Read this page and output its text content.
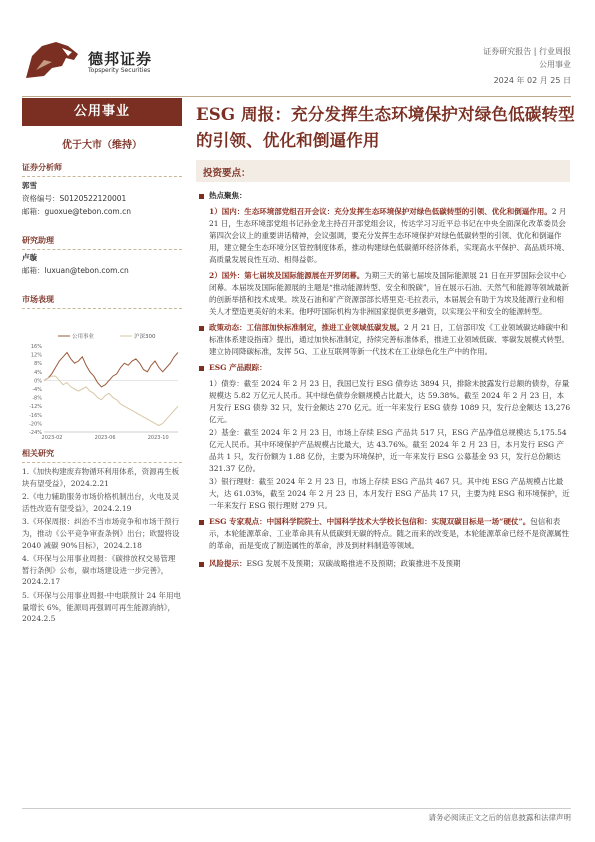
德邦证券
Topsperity Securities
证券研究报告 | 行业周报
公用事业
2024 年 02 月 25 日
公用事业
优于大市（维持）
证券分析师
郭雪
资格编号：S0120522120001
邮箱：guoxue@tebon.com.cn
研究助理
卢璇
邮箱：luxuan@tebon.com.cn
市场表现
16%
12%
8%
4%
0%
-4%
-8%
-12%
-16%
-20%
-24%
2023-02	2023-06	2023-10
公用事业	沪深300
相关研究
1.《加快构建废弃物循环利用体系，资源再生板块有望受益》，2024.2.21
2.《电力辅助服务市场价格机制出台，火电及灵活性改造有望受益》，2024.2.19
3.《环保周报：纠治不当市场竞争和市场干预行为，推动《公平竞争审查条例》出台；欧盟将设 2040 减碳 90%目标》，2024.2.18
4.《环保与公用事业周报：《碳排放权交易管理暂行条例》公布，碳市场建设进一步完善》，2024.2.17
5.《环保与公用事业周报-中电联预计 24 年用电量增长 6%，能源局再强调可再生能源消纳》，2024.2.5
ESG 周报：充分发挥生态环境保护对绿色低碳转型的引领、优化和倒逼作用
投资要点：
热点聚焦：
1）国内：生态环境部党组召开会议：充分发挥生态环境保护对绿色低碳转型的引领、优化和倒逼作用。2 月 21 日，生态环境部党组书记孙金龙主持召开部党组会议，传达学习习近平总书记在中央全面深化改革委员会第四次会议上的重要讲话精神，会议强调，要充分发挥生态环境保护对绿色低碳转型的引领、优化和倒逼作用，建立健全生态环境分区管控制度体系，推动构建绿色低碳循环经济体系，实现高水平保护、高品质环境、高质量发展良性互动、相得益彰。
2）国外：第七届埃及国际能源展在开罗闭幕。为期三天的第七届埃及国际能源展 21 日在开罗国际会议中心闭幕。本届埃及国际能源展的主题是“推动能源转型、安全和脱碳”，旨在展示石油、天然气和能源等领域最新的创新举措和技术成果。埃及石油和矿产资源部部长塔里克·毛拉表示，本届展会有助于为埃及能源行业和相关人才塑造更美好的未来。他呼吁国际机构为非洲国家提供更多融资，以实现公平和安全的能源转型。
政策动态：工信部加快标准制定，推进工业领域低碳发展。2 月 21 日，工信部印发《工业领域碳达峰碳中和标准体系建设指南》提出，通过加快标准制定，持续完善标准体系，推进工业领域低碳、零碳发展模式转型。建立协同降碳标准，发挥 5G、工业互联网等新一代技术在工业绿色化生产中的作用。
ESG 产品跟踪：
1）债券：截至 2024 年 2 月 23 日，我国已发行 ESG 债券达 3894 只，排除未披露发行总额的债券，存量规模达 5.82 万亿元人民币。其中绿色债券余额规模占比最大，达 59.38%。截至 2024 年 2 月 23 日，本月发行 ESG 债券 32 只，发行金额达 270 亿元。近一年来发行 ESG 债券 1089 只，发行总金额达 13,276 亿元。
2）基金：截至 2024 年 2 月 23 日，市场上存续 ESG 产品共 517 只，ESG 产品净值总规模达 5,175.54 亿元人民币。其中环境保护产品规模占比最大，达 43.76%。截至 2024 年 2 月 23 日，本月发行 ESG 产品共 1 只，发行份额为 1.88 亿份，主要为环境保护，近一年来发行 ESG 公募基金 93 只，发行总份额达 321.37 亿份。
3）银行理财：截至 2024 年 2 月 23 日，市场上存续 ESG 产品共 467 只。其中纯 ESG 产品规模占比最大，达 61.03%，截至 2024 年 2 月 23 日，本月发行 ESG 产品共 17 只，主要为纯 ESG 和环境保护，近一年来发行 ESG 银行理财 279 只。
ESG 专家观点：中国科学院院士、中国科学技术大学校长包信和：实现双碳目标是一场“硬仗”。包信和表示，本轮能源革命、工业革命具有从低碳到无碳的特点。随之而来的改变是，本轮能源革命已经不是资源属性的革命，而是变成了制造属性的革命，涉及到材料制造等领域。
风险提示：ESG 发展不及预期；双碳战略推进不及预期；政策推进不及预期
请务必阅读正文之后的信息披露和法律声明
